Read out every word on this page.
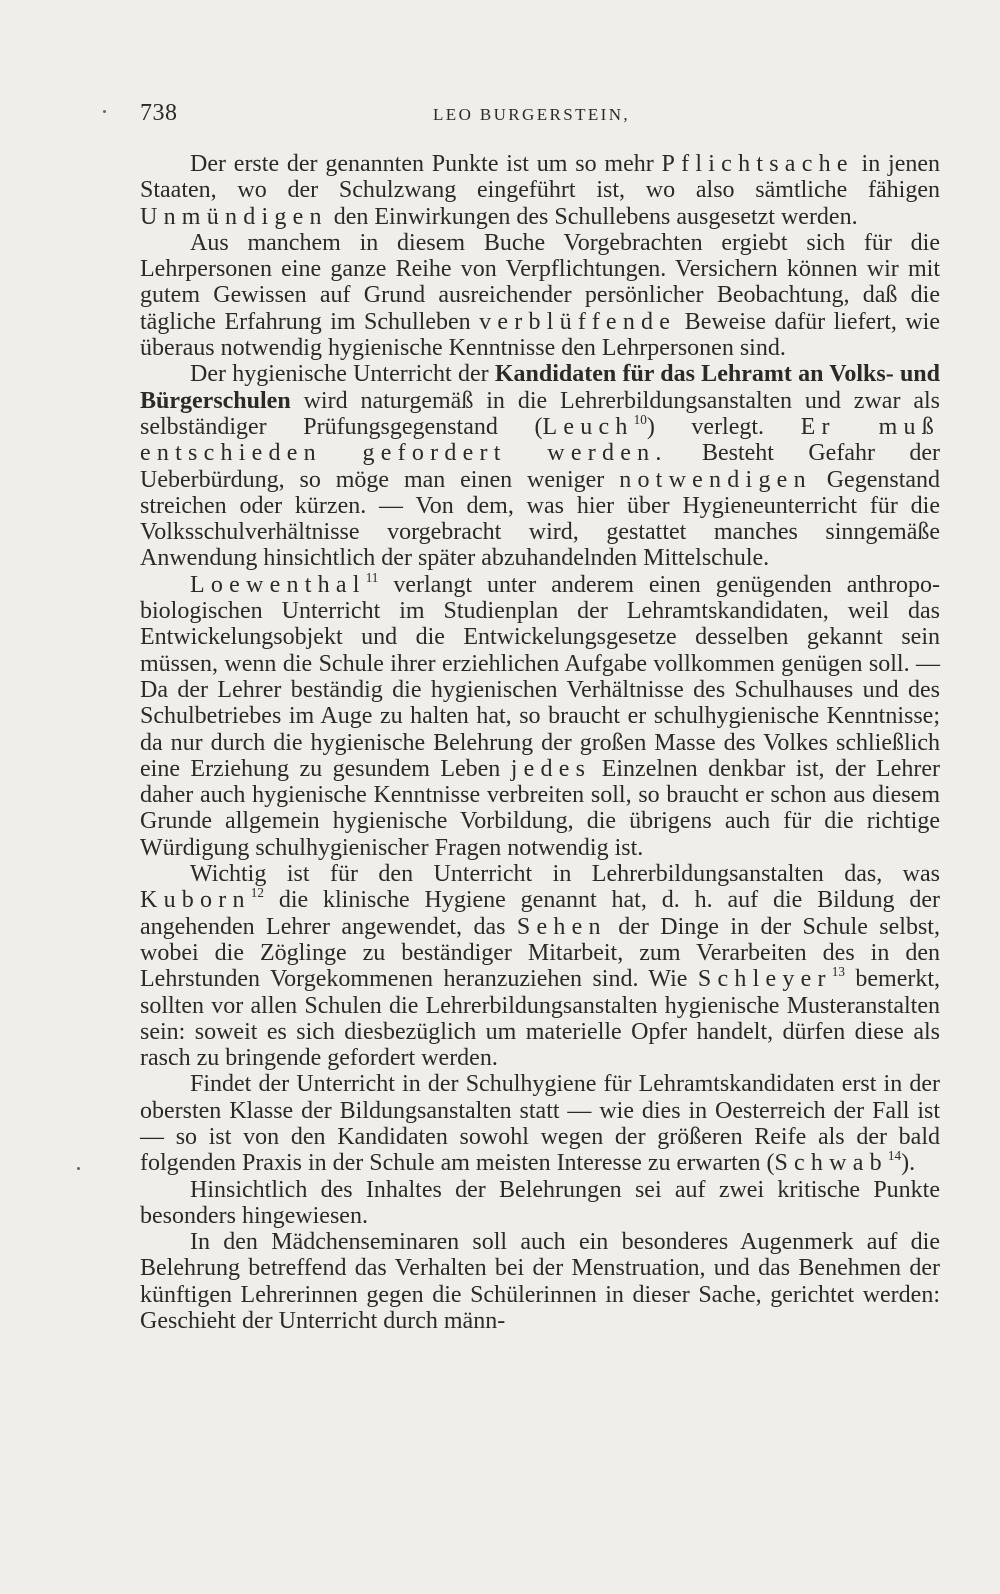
738	LEO BURGERSTEIN,

Der erste der genannten Punkte ist um so mehr Pflichtsache in jenen Staaten, wo der Schulzwang eingeführt ist, wo also sämtliche fähigen Unmündigen den Einwirkungen des Schullebens ausgesetzt werden.

Aus manchem in diesem Buche Vorgebrachten ergiebt sich für die Lehrpersonen eine ganze Reihe von Verpflichtungen. Versichern können wir mit gutem Gewissen auf Grund ausreichender persönlicher Beobachtung, daß die tägliche Erfahrung im Schulleben verblüffende Beweise dafür liefert, wie überaus notwendig hygienische Kenntnisse den Lehrpersonen sind.

Der hygienische Unterricht der Kandidaten für das Lehramt an Volks- und Bürgerschulen wird naturgemäß in die Lehrerbildungsanstalten und zwar als selbständiger Prüfungsgegenstand (Leuch$^{10}$) verlegt. Er muß entschieden gefordert werden. Besteht Gefahr der Ueberbürdung, so möge man einen weniger notwendigen Gegenstand streichen oder kürzen. — Von dem, was hier über Hygieneunterricht für die Volksschulverhältnisse vorgebracht wird, gestattet manches sinngemäße Anwendung hinsichtlich der später abzuhandelnden Mittelschule.

Loewenthal$^{11}$ verlangt unter anderem einen genügenden anthropo-biologischen Unterricht im Studienplan der Lehramtskandidaten, weil das Entwickelungsobjekt und die Entwickelungsgesetze desselben gekannt sein müssen, wenn die Schule ihrer erziehlichen Aufgabe vollkommen genügen soll. — Da der Lehrer beständig die hygienischen Verhältnisse des Schulhauses und des Schulbetriebes im Auge zu halten hat, so braucht er schulhygienische Kenntnisse; da nur durch die hygienische Belehrung der großen Masse des Volkes schließlich eine Erziehung zu gesundem Leben jedes Einzelnen denkbar ist, der Lehrer daher auch hygienische Kenntnisse verbreiten soll, so braucht er schon aus diesem Grunde allgemein hygienische Vorbildung, die übrigens auch für die richtige Würdigung schulhygienischer Fragen notwendig ist.

Wichtig ist für den Unterricht in Lehrerbildungsanstalten das, was Kuborn$^{12}$ die klinische Hygiene genannt hat, d. h. auf die Bildung der angehenden Lehrer angewendet, das Sehen der Dinge in der Schule selbst, wobei die Zöglinge zu beständiger Mitarbeit, zum Verarbeiten des in den Lehrstunden Vorgekommenen heranzuziehen sind. Wie Schleyer$^{13}$ bemerkt, sollten vor allen Schulen die Lehrerbildungsanstalten hygienische Musteranstalten sein: soweit es sich diesbezüglich um materielle Opfer handelt, dürfen diese als rasch zu bringende gefordert werden.

Findet der Unterricht in der Schulhygiene für Lehramtskandidaten erst in der obersten Klasse der Bildungsanstalten statt — wie dies in Oesterreich der Fall ist — so ist von den Kandidaten sowohl wegen der größeren Reife als der bald folgenden Praxis in der Schule am meisten Interesse zu erwarten (Schwab$^{14}$).

Hinsichtlich des Inhaltes der Belehrungen sei auf zwei kritische Punkte besonders hingewiesen.

In den Mädchenseminaren soll auch ein besonderes Augenmerk auf die Belehrung betreffend das Verhalten bei der Menstruation, und das Benehmen der künftigen Lehrerinnen gegen die Schülerinnen in dieser Sache, gerichtet werden: Geschieht der Unterricht durch männ-
